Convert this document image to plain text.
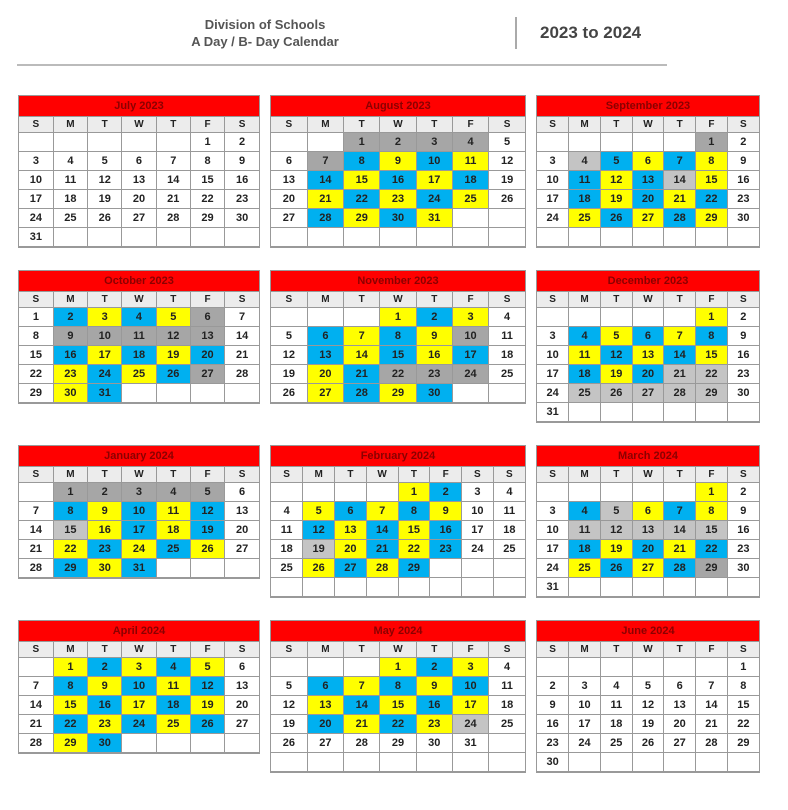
Division of Schools
A Day / B- Day Calendar	2023 to 2024
July 2023
S	M	T	W	T	F	S
					1	2
3	4	5	6	7	8	9
10	11	12	13	14	15	16
17	18	19	20	21	22	23
24	25	26	27	28	29	30
31						
August 2023
S	M	T	W	T	F	S
		1	2	3	4	5
6	7	8	9	10	11	12
13	14	15	16	17	18	19
20	21	22	23	24	25	26
27	28	29	30	31		

September 2023
S	M	T	W	T	F	S
					1	2
3	4	5	6	7	8	9
10	11	12	13	14	15	16
17	18	19	20	21	22	23
24	25	26	27	28	29	30

October 2023
S	M	T	W	T	F	S
1	2	3	4	5	6	7
8	9	10	11	12	13	14
15	16	17	18	19	20	21
22	23	24	25	26	27	28
29	30	31				
November 2023
S	M	T	W	T	F	S
			1	2	3	4
5	6	7	8	9	10	11
12	13	14	15	16	17	18
19	20	21	22	23	24	25
26	27	28	29	30		
December 2023
S	M	T	W	T	F	S
					1	2
3	4	5	6	7	8	9
10	11	12	13	14	15	16
17	18	19	20	21	22	23
24	25	26	27	28	29	30
31						
January 2024
S	M	T	W	T	F	S
	1	2	3	4	5	6
7	8	9	10	11	12	13
14	15	16	17	18	19	20
21	22	23	24	25	26	27
28	29	30	31			
February 2024
S	M	T	W	T	F	S	S
				1	2	3	4
4	5	6	7	8	9	10	11
11	12	13	14	15	16	17	18
18	19	20	21	22	23	24	25
25	26	27	28	29			

March 2024
S	M	T	W	T	F	S
					1	2
3	4	5	6	7	8	9
10	11	12	13	14	15	16
17	18	19	20	21	22	23
24	25	26	27	28	29	30
31						
April 2024
S	M	T	W	T	F	S
	1	2	3	4	5	6
7	8	9	10	11	12	13
14	15	16	17	18	19	20
21	22	23	24	25	26	27
28	29	30				
May 2024
S	M	T	W	T	F	S
			1	2	3	4
5	6	7	8	9	10	11
12	13	14	15	16	17	18
19	20	21	22	23	24	25
26	27	28	29	30	31	

June 2024
S	M	T	W	T	F	S
						1
2	3	4	5	6	7	8
9	10	11	12	13	14	15
16	17	18	19	20	21	22
23	24	25	26	27	28	29
30						
